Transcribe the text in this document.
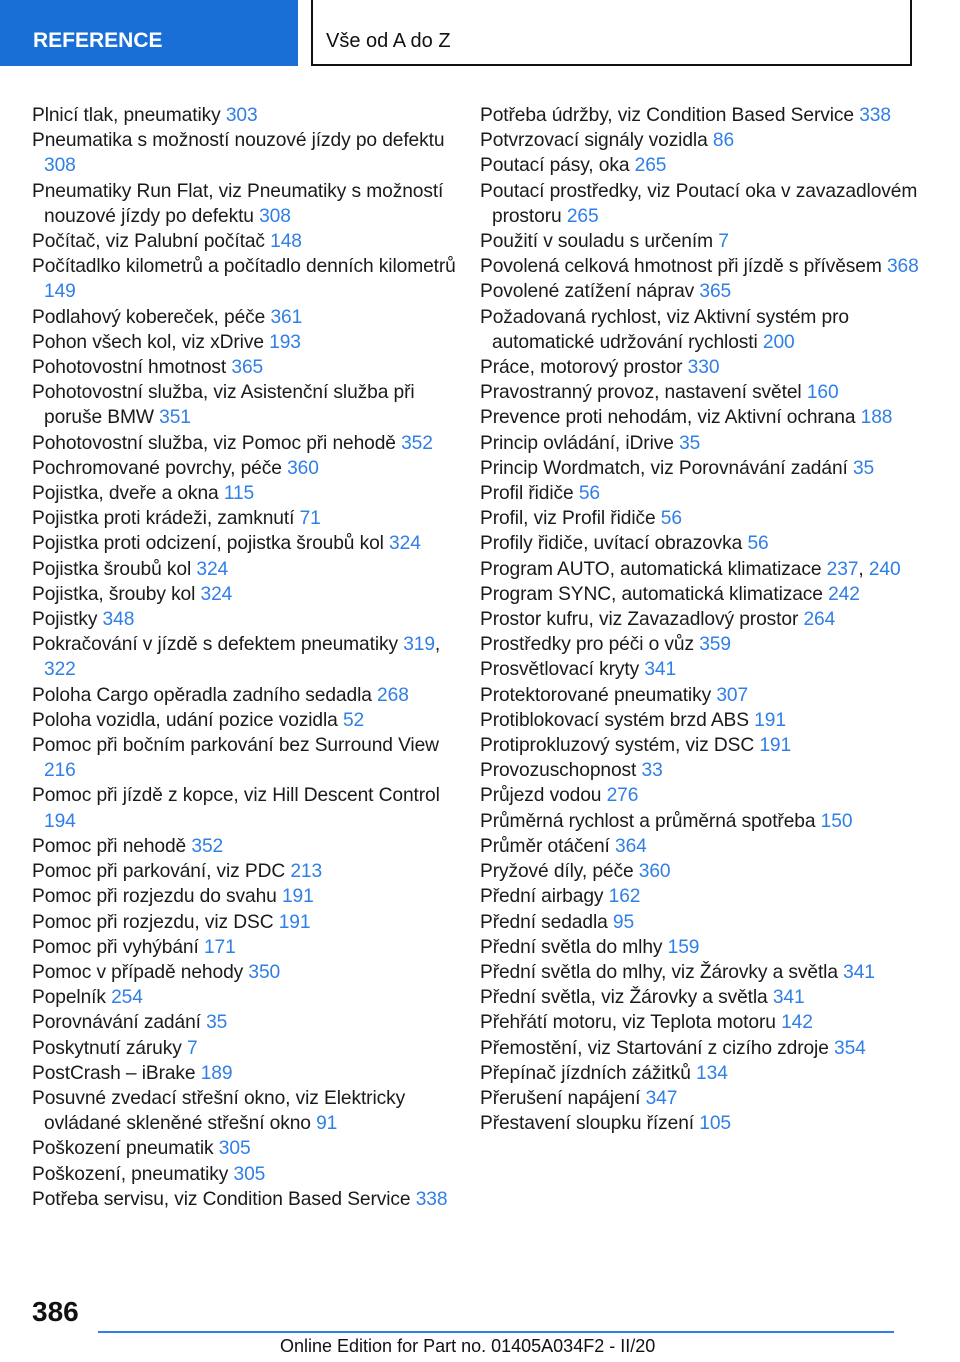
REFERENCE	Vše od A do Z
Plnicí tlak, pneumatiky 303
Pneumatika s možností nouzové jízdy po defektu 308
Pneumatiky Run Flat, viz Pneumatiky s možností nouzové jízdy po defektu 308
Počítač, viz Palubní počítač 148
Počítadlko kilometrů a počítadlo denních kilometrů 149
Podlahový kobereček, péče 361
Pohon všech kol, viz xDrive 193
Pohotovostní hmotnost 365
Pohotovostní služba, viz Asistenční služba při poruše BMW 351
Pohotovostní služba, viz Pomoc při nehodě 352
Pochromované povrchy, péče 360
Pojistka, dveře a okna 115
Pojistka proti krádeži, zamknutí 71
Pojistka proti odcizení, pojistka šroubů kol 324
Pojistka šroubů kol 324
Pojistka, šrouby kol 324
Pojistky 348
Pokračování v jízdě s defektem pneumatiky 319, 322
Poloha Cargo opěradla zadního sedadla 268
Poloha vozidla, udání pozice vozidla 52
Pomoc při bočním parkování bez Surround View 216
Pomoc při jízdě z kopce, viz Hill Descent Control 194
Pomoc při nehodě 352
Pomoc při parkování, viz PDC 213
Pomoc při rozjezdu do svahu 191
Pomoc při rozjezdu, viz DSC 191
Pomoc při vyhýbání 171
Pomoc v případě nehody 350
Popelník 254
Porovnávání zadání 35
Poskytnutí záruky 7
PostCrash – iBrake 189
Posuvné zvedací střešní okno, viz Elektricky ovládané skleněné střešní okno 91
Poškození pneumatik 305
Poškození, pneumatiky 305
Potřeba servisu, viz Condition Based Service 338
Potřeba údržby, viz Condition Based Service 338
Potvrzovací signály vozidla 86
Poutací pásy, oka 265
Poutací prostředky, viz Poutací oka v zavazadlovém prostoru 265
Použití v souladu s určením 7
Povolená celková hmotnost při jízdě s přívěsem 368
Povolené zatížení náprav 365
Požadovaná rychlost, viz Aktivní systém pro automatické udržování rychlosti 200
Práce, motorový prostor 330
Pravostranný provoz, nastavení světel 160
Prevence proti nehodám, viz Aktivní ochrana 188
Princip ovládání, iDrive 35
Princip Wordmatch, viz Porovnávání zadání 35
Profil řidiče 56
Profil, viz Profil řidiče 56
Profily řidiče, uvítací obrazovka 56
Program AUTO, automatická klimatizace 237, 240
Program SYNC, automatická klimatizace 242
Prostor kufru, viz Zavazadlový prostor 264
Prostředky pro péči o vůz 359
Prosvětlovací kryty 341
Protektorované pneumatiky 307
Protiblokovací systém brzd ABS 191
Protiprokluzový systém, viz DSC 191
Provozuschopnost 33
Průjezd vodou 276
Průměrná rychlost a průměrná spotřeba 150
Průměr otáčení 364
Pryžové díly, péče 360
Přední airbagy 162
Přední sedadla 95
Přední světla do mlhy 159
Přední světla do mlhy, viz Žárovky a světla 341
Přední světla, viz Žárovky a světla 341
Přehřátí motoru, viz Teplota motoru 142
Přemostění, viz Startování z cizího zdroje 354
Přepínač jízdních zážitků 134
Přerušení napájení 347
Přestavení sloupku řízení 105
386
Online Edition for Part no. 01405A034F2 - II/20
